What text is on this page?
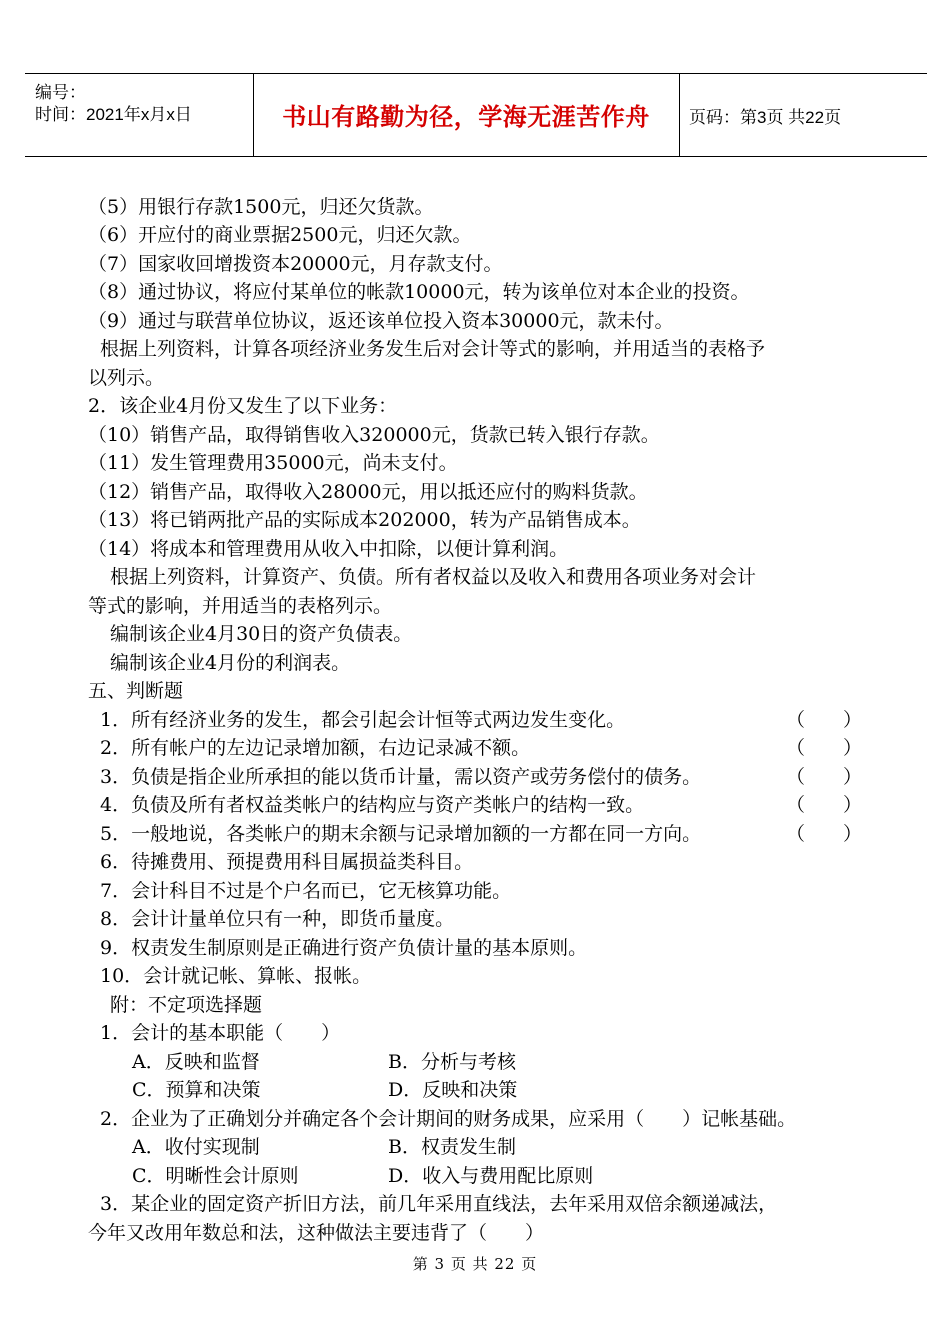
编号：
时间：2021年x月x日	书山有路勤为径，学海无涯苦作舟	页码：第3页 共22页
（5）用银行存款1500元，归还欠货款。
（6）开应付的商业票据2500元，归还欠款。
（7）国家收回增拨资本20000元，月存款支付。
（8）通过协议，将应付某单位的帐款10000元，转为该单位对本企业的投资。
（9）通过与联营单位协议，返还该单位投入资本30000元，款未付。
根据上列资料，计算各项经济业务发生后对会计等式的影响，并用适当的表格予
以列示。
2．该企业4月份又发生了以下业务：
（10）销售产品，取得销售收入320000元，货款已转入银行存款。
（11）发生管理费用35000元，尚未支付。
（12）销售产品，取得收入28000元，用以抵还应付的购料货款。
（13）将已销两批产品的实际成本202000，转为产品销售成本。
（14）将成本和管理费用从收入中扣除，以便计算利润。
根据上列资料，计算资产、负债。所有者权益以及收入和费用各项业务对会计
等式的影响，并用适当的表格列示。
编制该企业4月30日的资产负债表。
编制该企业4月份的利润表。
五、判断题
1．所有经济业务的发生，都会引起会计恒等式两边发生变化。	（　　）
2．所有帐户的左边记录增加额，右边记录减不额。	（　　）
3．负债是指企业所承担的能以货币计量，需以资产或劳务偿付的债务。	（　　）
4．负债及所有者权益类帐户的结构应与资产类帐户的结构一致。	（　　）
5．一般地说，各类帐户的期末余额与记录增加额的一方都在同一方向。	（　　）
6．待摊费用、预提费用科目属损益类科目。
7．会计科目不过是个户名而已，它无核算功能。
8．会计计量单位只有一种，即货币量度。
9．权责发生制原则是正确进行资产负债计量的基本原则。
10．会计就记帐、算帐、报帐。
附：不定项选择题
1．会计的基本职能（　　）
A．反映和监督	B．分析与考核
C．预算和决策	D．反映和决策
2．企业为了正确划分并确定各个会计期间的财务成果，应采用（　　）记帐基础。
A．收付实现制	B．权责发生制
C．明晰性会计原则	D．收入与费用配比原则
3．某企业的固定资产折旧方法，前几年采用直线法，去年采用双倍余额递减法，
今年又改用年数总和法，这种做法主要违背了（　　）
第 3 页 共 22 页
